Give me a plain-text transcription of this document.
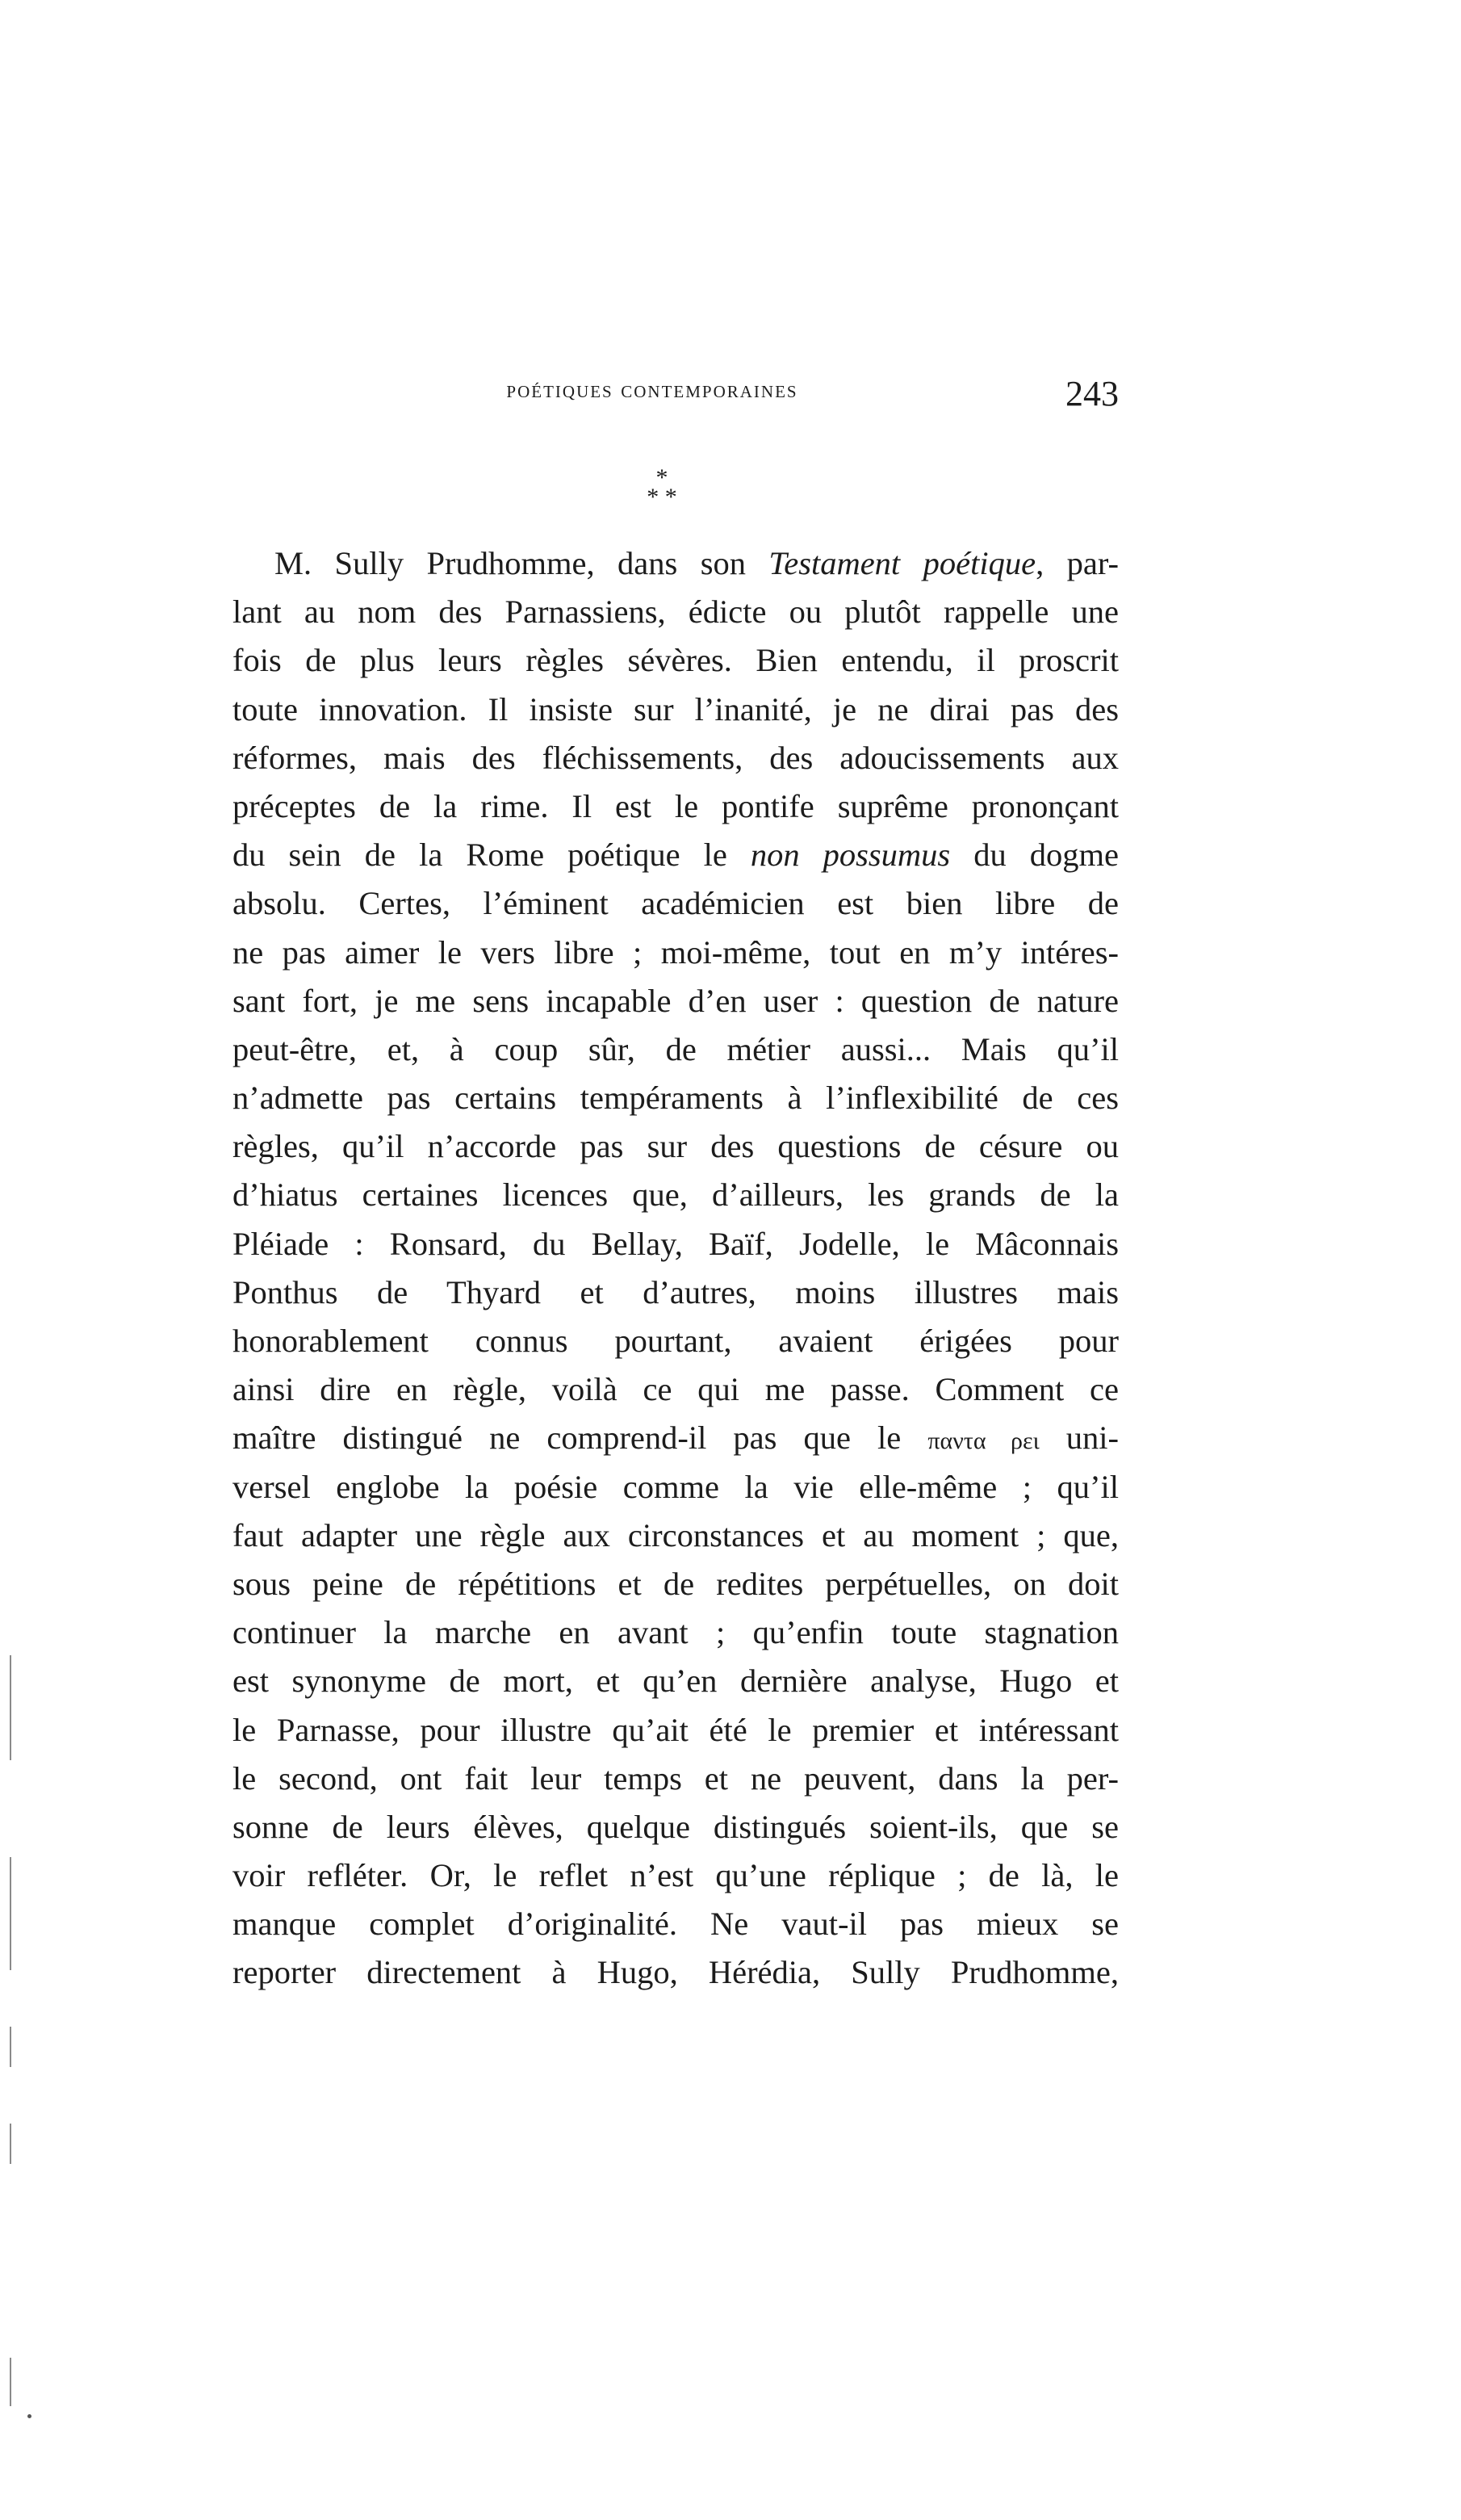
poétiques contemporaines	243
*
* *
M. Sully Prudhomme, dans son Testament poétique, par-
lant au nom des Parnassiens, édicte ou plutôt rappelle une
fois de plus leurs règles sévères. Bien entendu, il proscrit
toute innovation. Il insiste sur l’inanité, je ne dirai pas des
réformes, mais des fléchissements, des adoucissements aux
préceptes de la rime. Il est le pontife suprême prononçant
du sein de la Rome poétique le non possumus du dogme
absolu. Certes, l’éminent académicien est bien libre de
ne pas aimer le vers libre ; moi-même, tout en m’y intéres-
sant fort, je me sens incapable d’en user : question de nature
peut-être, et, à coup sûr, de métier aussi... Mais qu’il
n’admette pas certains tempéraments à l’inflexibilité de ces
règles, qu’il n’accorde pas sur des questions de césure ou
d’hiatus certaines licences que, d’ailleurs, les grands de la
Pléiade : Ronsard, du Bellay, Baïf, Jodelle, le Mâconnais
Ponthus de Thyard et d’autres, moins illustres mais
honorablement connus pourtant, avaient érigées pour
ainsi dire en règle, voilà ce qui me passe. Comment ce
maître distingué ne comprend-il pas que le παντα ρει uni-
versel englobe la poésie comme la vie elle-même ; qu’il
faut adapter une règle aux circonstances et au moment ; que,
sous peine de répétitions et de redites perpétuelles, on doit
continuer la marche en avant ; qu’enfin toute stagnation
est synonyme de mort, et qu’en dernière analyse, Hugo et
le Parnasse, pour illustre qu’ait été le premier et intéressant
le second, ont fait leur temps et ne peuvent, dans la per-
sonne de leurs élèves, quelque distingués soient-ils, que se
voir refléter. Or, le reflet n’est qu’une réplique ; de là, le
manque complet d’originalité. Ne vaut-il pas mieux se
reporter directement à Hugo, Hérédia, Sully Prudhomme,
